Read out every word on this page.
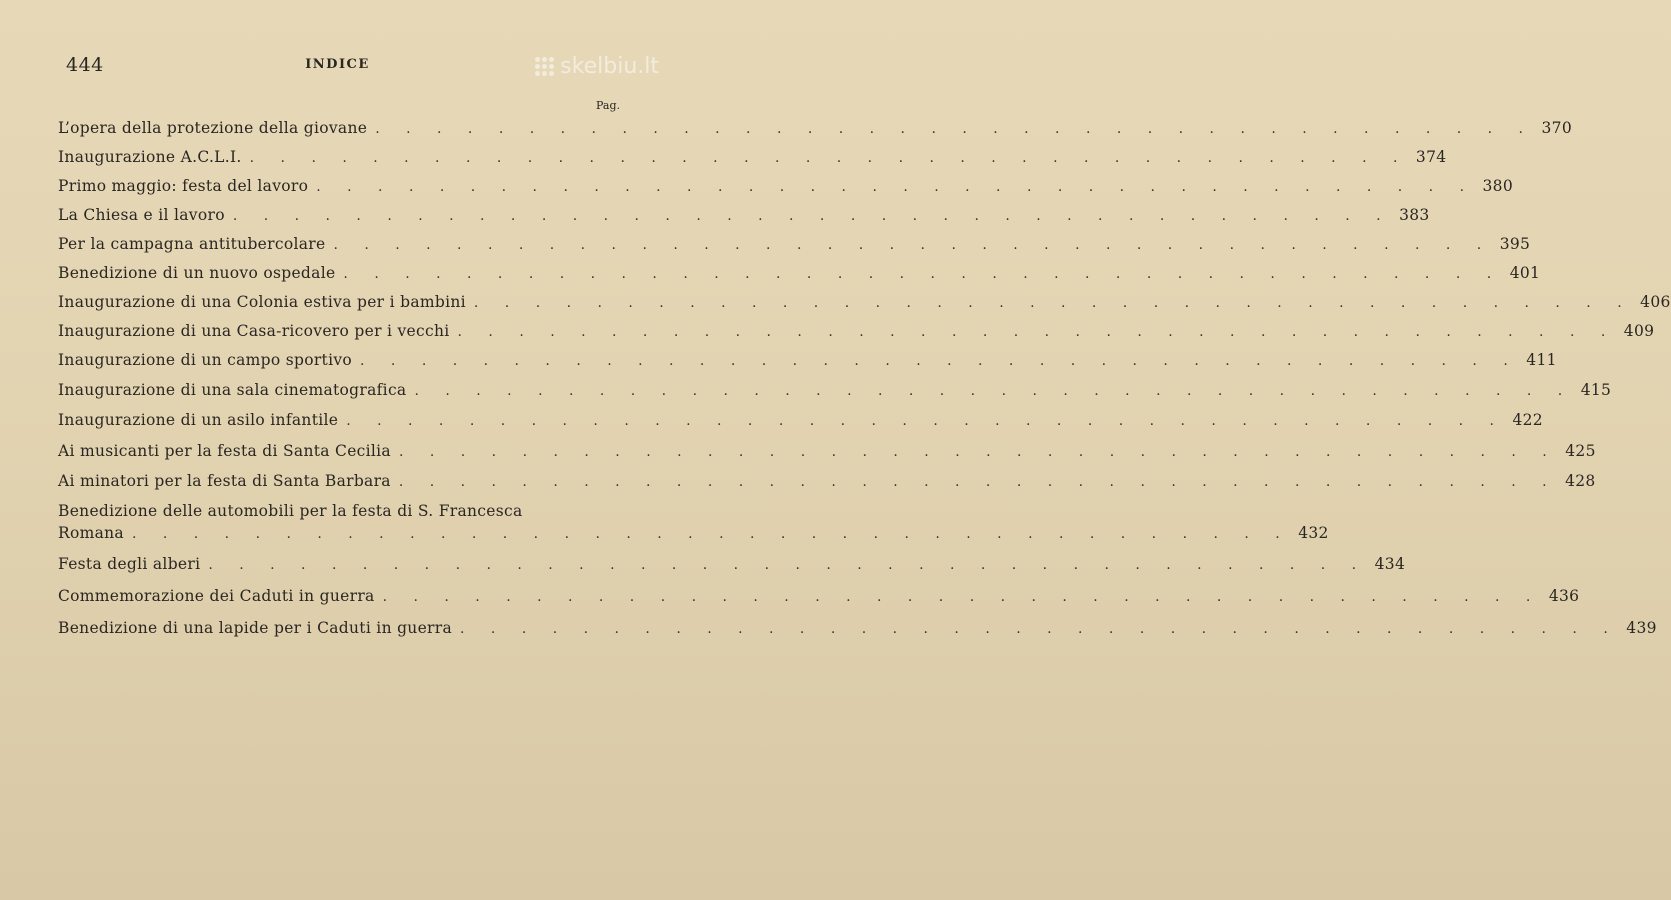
444	INDICE	skelbiu.lt
Pag.
L’opera della protezione della giovane . . . . . . . . . . . . . . . . . . . . . . . . . . . . . . . . . . . . . . 370
Inaugurazione A.C.L.I. . . . . . . . . . . . . . . . . . . . . . . . . . . . . . . . . . . . . . . 374
Primo maggio: festa del lavoro . . . . . . . . . . . . . . . . . . . . . . . . . . . . . . . . . . . . . . 380
La Chiesa e il lavoro . . . . . . . . . . . . . . . . . . . . . . . . . . . . . . . . . . . . . . 383
Per la campagna antitubercolare . . . . . . . . . . . . . . . . . . . . . . . . . . . . . . . . . . . . . . 395
Benedizione di un nuovo ospedale . . . . . . . . . . . . . . . . . . . . . . . . . . . . . . . . . . . . . . 401
Inaugurazione di una Colonia estiva per i bambini . . . . . . . . . . . . . . . . . . . . . . . . . . . . . . . . . . . . . . 406
Inaugurazione di una Casa-ricovero per i vecchi . . . . . . . . . . . . . . . . . . . . . . . . . . . . . . . . . . . . . . 409
Inaugurazione di un campo sportivo . . . . . . . . . . . . . . . . . . . . . . . . . . . . . . . . . . . . . . 411
Inaugurazione di una sala cinematografica . . . . . . . . . . . . . . . . . . . . . . . . . . . . . . . . . . . . . . 415
Inaugurazione di un asilo infantile . . . . . . . . . . . . . . . . . . . . . . . . . . . . . . . . . . . . . . 422
Ai musicanti per la festa di Santa Cecilia . . . . . . . . . . . . . . . . . . . . . . . . . . . . . . . . . . . . . . 425
Ai minatori per la festa di Santa Barbara . . . . . . . . . . . . . . . . . . . . . . . . . . . . . . . . . . . . . . 428
Benedizione delle automobili per la festa di S. Francesca
Romana . . . . . . . . . . . . . . . . . . . . . . . . . . . . . . . . . . . . . . 432
Festa degli alberi . . . . . . . . . . . . . . . . . . . . . . . . . . . . . . . . . . . . . . 434
Commemorazione dei Caduti in guerra . . . . . . . . . . . . . . . . . . . . . . . . . . . . . . . . . . . . . . 436
Benedizione di una lapide per i Caduti in guerra . . . . . . . . . . . . . . . . . . . . . . . . . . . . . . . . . . . . . . 439
